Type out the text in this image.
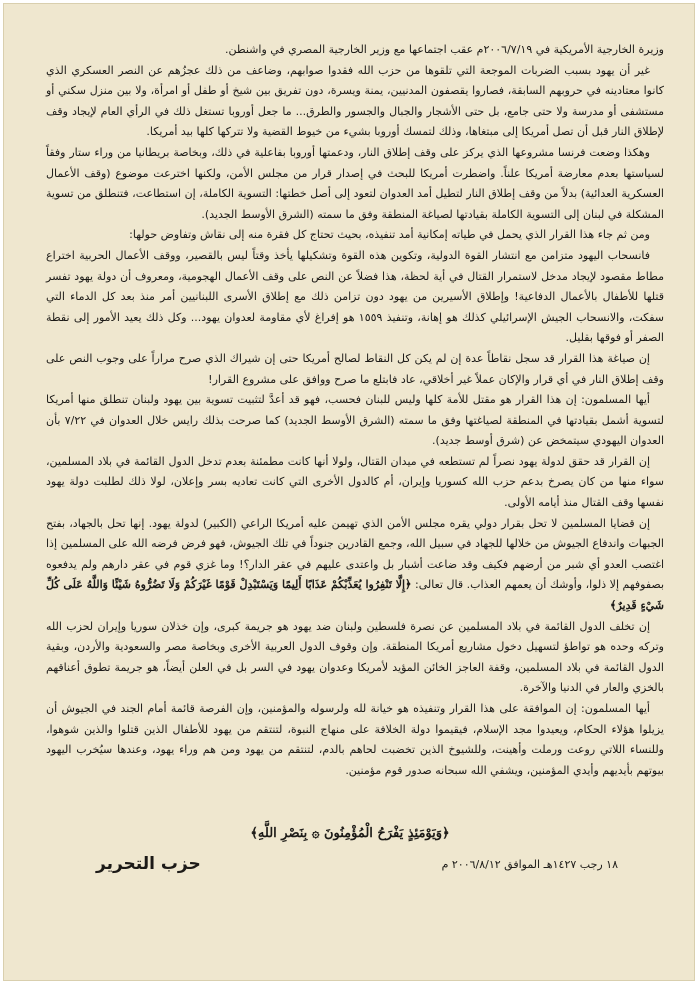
وزيرة الخارجية الأمريكية في ٢٠٠٦/٧/١٩م عقب اجتماعها مع وزير الخارجية المصري في واشنطن.

غير أن يهود بسبب الضربات الموجعة التي تلقوها من حزب الله فقدوا صوابهم، وضاعف من ذلك عجزُهم عن النصر العسكري الذي كانوا معتادينه في حروبهم السابقة، فصاروا يقصفون المدنيين، يمنة ويسرة، دون تفريق بين شيخ أو طفل أو امرأة، ولا بين منزل سكني أو مستشفى أو مدرسة ولا حتى جامع، بل حتى الأشجار والجبال والجسور والطرق... ما جعل أوروبا تستغل ذلك في الرأي العام لإيجاد وقف لإطلاق النار قبل أن تصل أمريكا إلى مبتغاها، وذلك لتمسك أوروبا بشيء من خيوط القضية ولا تتركها كلها بيد أمريكا.

وهكذا وضعت فرنسا مشروعها الذي يركز على وقف إطلاق النار، ودعمتها أوروبا بفاعلية في ذلك، وبخاصة بريطانيا من وراء ستار وفقاً لسياستها بعدم معارضة أمريكا علناً. واضطرت أمريكا للبحث في إصدار قرار من مجلس الأمن، ولكنها اخترعت موضوع (وقف الأعمال العسكرية العدائية) بدلاً من وقف إطلاق النار لتطيل أمد العدوان لتعود إلى أصل خطتها: التسوية الكاملة، إن استطاعت، فتنطلق من تسوية المشكلة في لبنان إلى التسوية الكاملة بقيادتها لصياغة المنطقة وفق ما سمته (الشرق الأوسط الجديد).

ومن ثم جاء هذا القرار الذي يحمل في طياته إمكانية أمد تنفيذه، بحيث تحتاج كل فقرة منه إلى نقاش وتفاوض حولها:

فانسحاب اليهود متزامن مع انتشار القوة الدولية، وتكوين هذه القوة وتشكيلها يأخذ وقتاً ليس بالقصير، ووقف الأعمال الحربية اختراع مطاط مقصود لإيجاد مدخل لاستمرار القتال في أية لحظة، هذا فضلاً عن النص على وقف الأعمال الهجومية، ومعروف أن دولة يهود تفسر قتلها للأطفال بالأعمال الدفاعية! وإطلاق الأسيرين من يهود دون تزامن ذلك مع إطلاق الأسرى اللبنانيين أمر منذ بعد كل الدماء التي سفكت، والانسحاب الجيش الإسرائيلي كذلك هو إهانة، وتنفيذ ١٥٥٩ هو إفراغ لأي مقاومة لعدوان يهود... وكل ذلك يعيد الأمور إلى نقطة الصفر أو فوقها بقليل.

إن صياغة هذا القرار قد سجل نقاطاً عدة إن لم يكن كل النقاط لصالح أمريكا حتى إن شيراك الذي صرح مراراً على وجوب النص على وقف إطلاق النار في أي قرار والإكان عملاً غير أخلاقي، عاد فابتلع ما صرح ووافق على مشروع القرار!

أيها المسلمون: إن هذا القرار هو مقتل للأمة كلها وليس للبنان فحسب، فهو قد أعدَّ لتثبيت تسوية بين يهود ولبنان تنطلق منها أمريكا لتسوية أشمل بقيادتها في المنطقة لصياغتها وفق ما سمته (الشرق الأوسط الجديد) كما صرحت بذلك رايس خلال العدوان في ٧/٢٢ بأن العدوان اليهودي سيتمخض عن (شرق أوسط جديد).

إن القرار قد حقق لدولة يهود نصراً لم تستطعه في ميدان القتال، ولولا أنها كانت مطمئنة بعدم تدخل الدول القائمة في بلاد المسلمين، سواء منها من كان يصرخ بدعم حزب الله كسوريا وإيران، أم كالدول الأخرى التي كانت تعاديه بسر وإعلان، لولا ذلك لطلبت دولة يهود نفسها وقف القتال منذ أيامه الأولى.

إن قضايا المسلمين لا تحل بقرار دولي يقره مجلس الأمن الذي تهيمن عليه أمريكا الراعي (الكبير) لدولة يهود. إنها تحل بالجهاد، بفتح الجبهات واندفاع الجيوش من خلالها للجهاد في سبيل الله، وجمع القادرين جنوداً في تلك الجيوش، فهو فرض فرضه الله على المسلمين إذا اغتصب العدو أي شبر من أرضهم فكيف وقد ضاعت أشبار بل واعتدى عليهم في عقر الدار؟! وما غزي قوم في عقر دارهم ولم يدفعوه بصفوفهم إلا ذلوا، وأوشك أن يعمهم العذاب. قال تعالى: ﴿إِلَّا تَنْفِرُوا يُعَذِّبْكُمْ عَذَابًا أَلِيمًا وَيَسْتَبْدِلْ قَوْمًا غَيْرَكُمْ وَلَا تَضُرُّوهُ شَيْئًا وَاللَّهُ عَلَى كُلِّ شَيْءٍ قَدِيرٌ﴾

إن تخلف الدول القائمة في بلاد المسلمين عن نصرة فلسطين ولبنان ضد يهود هو جريمة كبرى، وإن خذلان سوريا وإيران لحزب الله وتركه وحده هو تواطؤ لتسهيل دخول مشاريع أمريكا المنطقة. وإن وقوف الدول العربية الأخرى وبخاصة مصر والسعودية والأردن، وبقية الدول القائمة في بلاد المسلمين، وقفة العاجز الخائن المؤيد لأمريكا وعدوان يهود في السر بل في العلن أيضاً، هو جريمة تطوق أعناقهم بالخزي والعار في الدنيا والآخرة.

أيها المسلمون: إن الموافقة على هذا القرار وتنفيذه هو خيانة لله ولرسوله والمؤمنين، وإن الفرصة قائمة أمام الجند في الجيوش أن يزيلوا هؤلاء الحكام، ويعيدوا مجد الإسلام، فيقيموا دولة الخلافة على منهاج النبوة، لتنتقم من يهود للأطفال الذين قتلوا والذين شوهوا، وللنساء اللاتي روعت ورملت وأهينت، وللشيوخ الذين تخضبت لحاهم بالدم، لتنتقم من يهود ومن هم وراء يهود، وعندها سيُخرب اليهود بيوتهم بأيديهم وأيدي المؤمنين، ويشفي الله سبحانه صدور قوم مؤمنين.

﴿وَيَوْمَئِذٍ يَفْرَحُ الْمُؤْمِنُونَ ۞ بِنَصْرِ اللَّهِ﴾
حزب التحرير	١٨ رجب ١٤٢٧هـ الموافق ٢٠٠٦/٨/١٢ م
